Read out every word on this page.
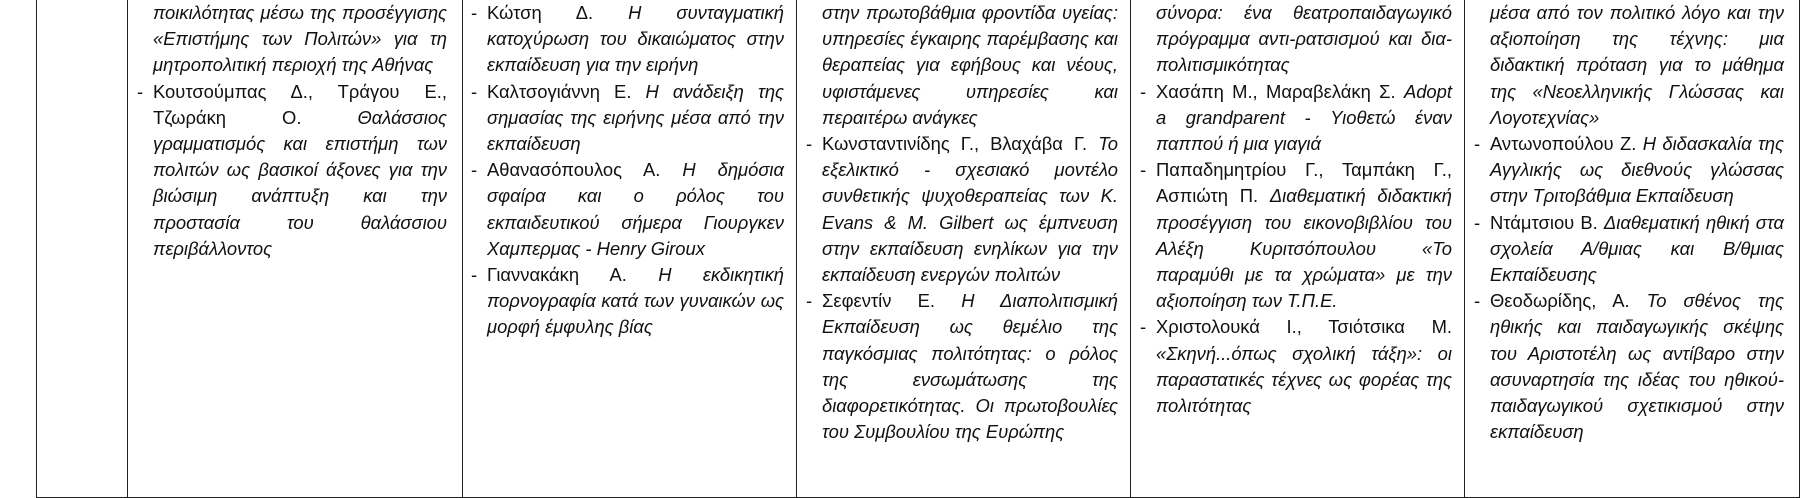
ποικιλότητας μέσω της προσέγγισης «Επιστήμης των Πολιτών» για τη μητροπολιτική περιοχή της Αθήνας
- Κουτσούμπας Δ., Τράγου Ε., Τζωράκη Ο. Θαλάσσιος γραμματισμός και επιστήμη των πολιτών ως βασικοί άξονες για την βιώσιμη ανάπτυξη και την προστασία του θαλάσσιου περιβάλλοντος
- Κώτση Δ. Η συνταγματική κατοχύρωση του δικαιώματος στην εκπαίδευση για την ειρήνη
- Καλτσογιάννη Ε. Η ανάδειξη της σημασίας της ειρήνης μέσα από την εκπαίδευση
- Αθανασόπουλος Α. Η δημόσια σφαίρα και ο ρόλος του εκπαιδευτικού σήμερα Γιουργκεν Χαμπερμας - Henry Giroux
- Γιαννακάκη Α. Η εκδικητική πορνογραφία κατά των γυναικών ως μορφή έμφυλης βίας
στην πρωτοβάθμια φροντίδα υγείας: υπηρεσίες έγκαιρης παρέμβασης και θεραπείας για εφήβους και νέους, υφιστάμενες υπηρεσίες και περαιτέρω ανάγκες
- Κωνσταντινίδης Γ., Βλαχάβα Γ. Το εξελικτικό - σχεσιακό μοντέλο συνθετικής ψυχοθεραπείας των K. Evans & M. Gilbert ως έμπνευση στην εκπαίδευση ενηλίκων για την εκπαίδευση ενεργών πολιτών
- Σεφεντίν Ε. Η Διαπολιτισμική Εκπαίδευση ως θεμέλιο της παγκόσμιας πολιτότητας: ο ρόλος της ενσωμάτωσης της διαφορετικότητας. Οι πρωτοβουλίες του Συμβουλίου της Ευρώπης
σύνορα: ένα θεατροπαιδαγωγικό πρόγραμμα αντι-ρατσισμού και δια-πολιτισμικότητας
- Χασάπη Μ., Μαραβελάκη Σ. Adopt a grandparent - Υιοθετώ έναν παππού ή μια γιαγιά
- Παπαδημητρίου Γ., Ταμπάκη Γ., Ασπιώτη Π. Διαθεματική διδακτική προσέγγιση του εικονοβιβλίου του Αλέξη Κυριτσόπουλου «Το παραμύθι με τα χρώματα» με την αξιοποίηση των Τ.Π.Ε.
- Χριστολουκά Ι., Τσιότσικα Μ. «Σκηνή...όπως σχολική τάξη»: οι παραστατικές τέχνες ως φορέας της πολιτότητας
μέσα από τον πολιτικό λόγο και την αξιοποίηση της τέχνης: μια διδακτική πρόταση για το μάθημα της «Νεοελληνικής Γλώσσας και Λογοτεχνίας»
- Αντωνοπούλου Ζ. Η διδασκαλία της Αγγλικής ως διεθνούς γλώσσας στην Τριτοβάθμια Εκπαίδευση
- Ντάμτσιου Β. Διαθεματική ηθική στα σχολεία Α/θμιας και Β/θμιας Εκπαίδευσης
- Θεοδωρίδης, Α. Το σθένος της ηθικής και παιδαγωγικής σκέψης του Αριστοτέλη ως αντίβαρο στην ασυναρτησία της ιδέας του ηθικού-παιδαγωγικού σχετικισμού στην εκπαίδευση
